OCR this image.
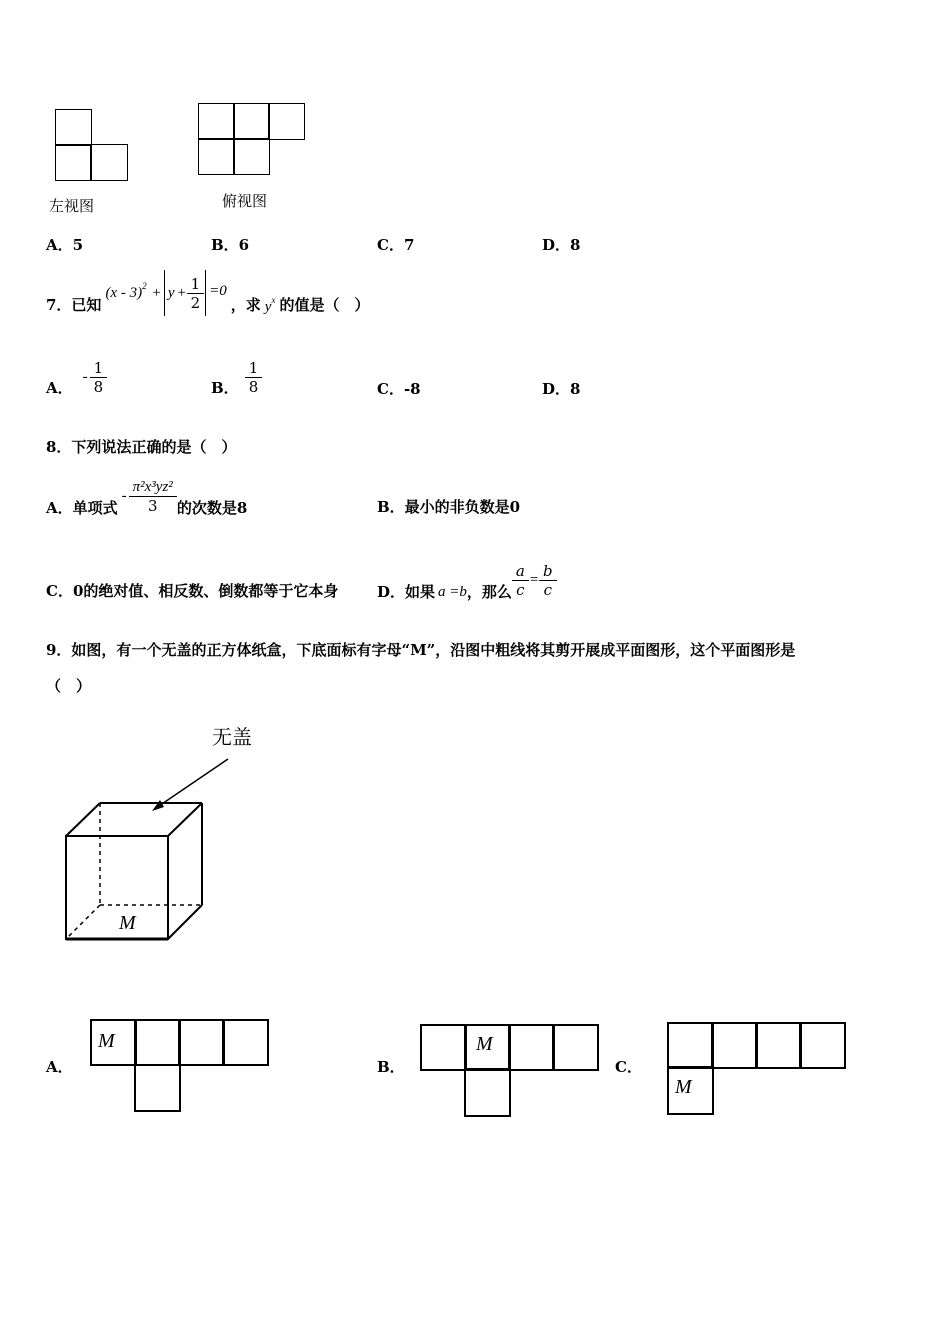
左视图	俯视图
A．5	B．6	C．7	D．8
7．已知
$(x - 3)^2 + y + \frac{1}{2} =0$
，求 $y^x$ 的值是（　）
A．
- $\frac{1}{8}$	B． $\frac{1}{8}$	C．-8	D．8
8．下列说法正确的是（　）
A．单项式
- $\frac{\text{π²x³yz²}}{3}$ 的次数是8	B．最小的非负数是0
C．0的绝对值、相反数、倒数都等于它本身	D．如果 a =b ，那么 $\frac{a}{c} = \frac{b}{c}$
9．如图，有一个无盖的正方体纸盒，下底面标有字母“M”，沿图中粗线将其剪开展成平面图形，这个平面图形是
（　）
无盖
M
A．
M
B．
M
C．
M
